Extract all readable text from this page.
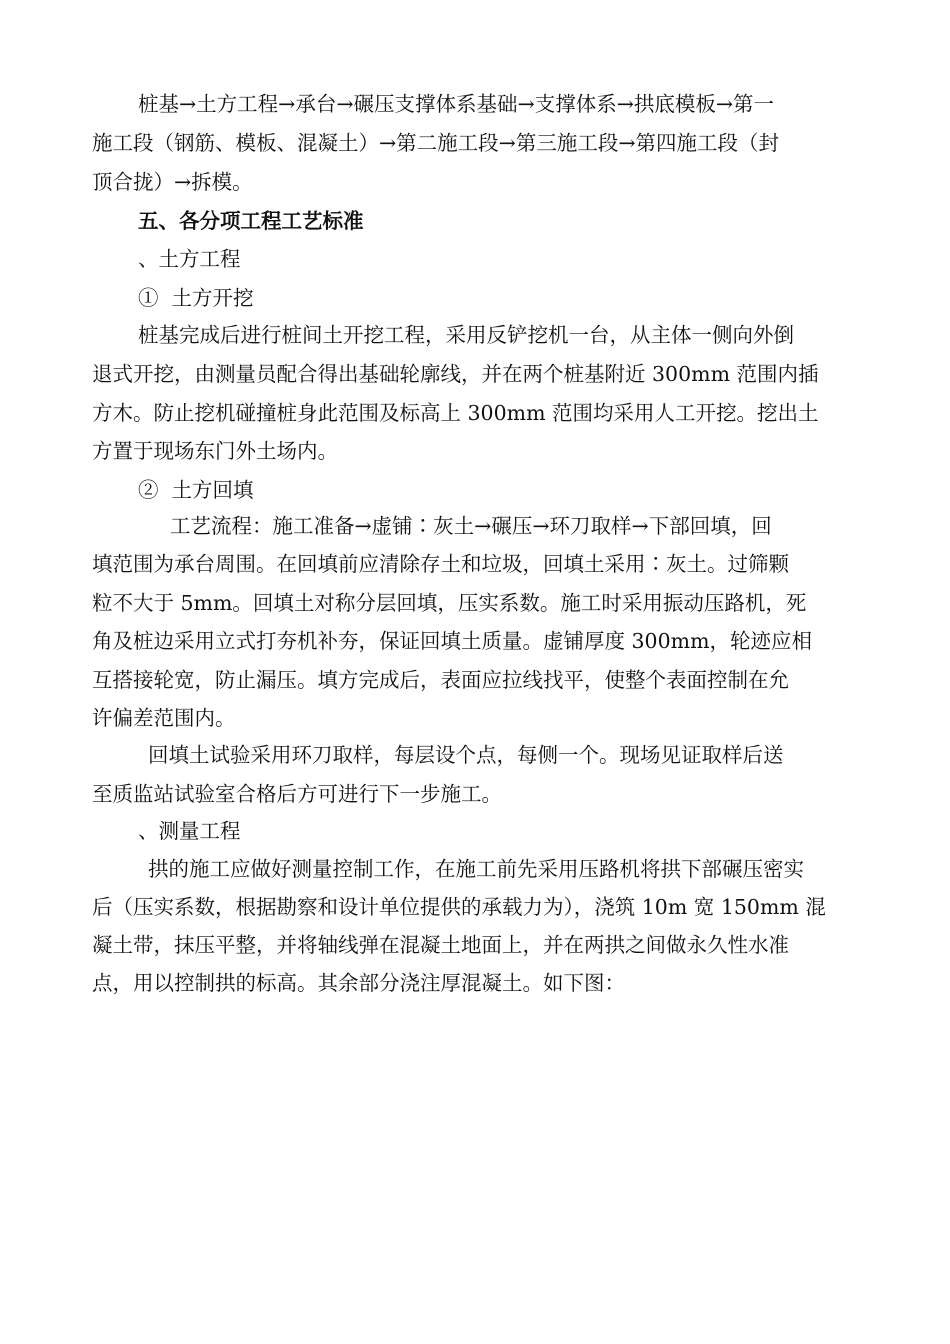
桩基→土方工程→承台→碾压支撑体系基础→支撑体系→拱底模板→第一
施工段（钢筋、模板、混凝土）→第二施工段→第三施工段→第四施工段（封
顶合拢）→拆模。
五、各分项工程工艺标准
、土方工程
①  土方开挖
桩基完成后进行桩间土开挖工程，采用反铲挖机一台，从主体一侧向外倒
退式开挖，由测量员配合得出基础轮廓线，并在两个桩基附近 300mm 范围内插
方木。防止挖机碰撞桩身此范围及标高上 300mm 范围均采用人工开挖。挖出土
方置于现场东门外土场内。
②  土方回填
工艺流程：施工准备→虚铺∶灰土→碾压→环刀取样→下部回填，回
填范围为承台周围。在回填前应清除存土和垃圾，回填土采用∶灰土。过筛颗
粒不大于 5mm。回填土对称分层回填，压实系数。施工时采用振动压路机，死
角及桩边采用立式打夯机补夯，保证回填土质量。虚铺厚度 300mm，轮迹应相
互搭接轮宽，防止漏压。填方完成后，表面应拉线找平，使整个表面控制在允
许偏差范围内。
回填土试验采用环刀取样，每层设个点，每侧一个。现场见证取样后送
至质监站试验室合格后方可进行下一步施工。
、测量工程
拱的施工应做好测量控制工作，在施工前先采用压路机将拱下部碾压密实
后（压实系数，根据勘察和设计单位提供的承载力为），浇筑 10m 宽 150mm 混
凝土带，抹压平整，并将轴线弹在混凝土地面上，并在两拱之间做永久性水准
点，用以控制拱的标高。其余部分浇注厚混凝土。如下图：
